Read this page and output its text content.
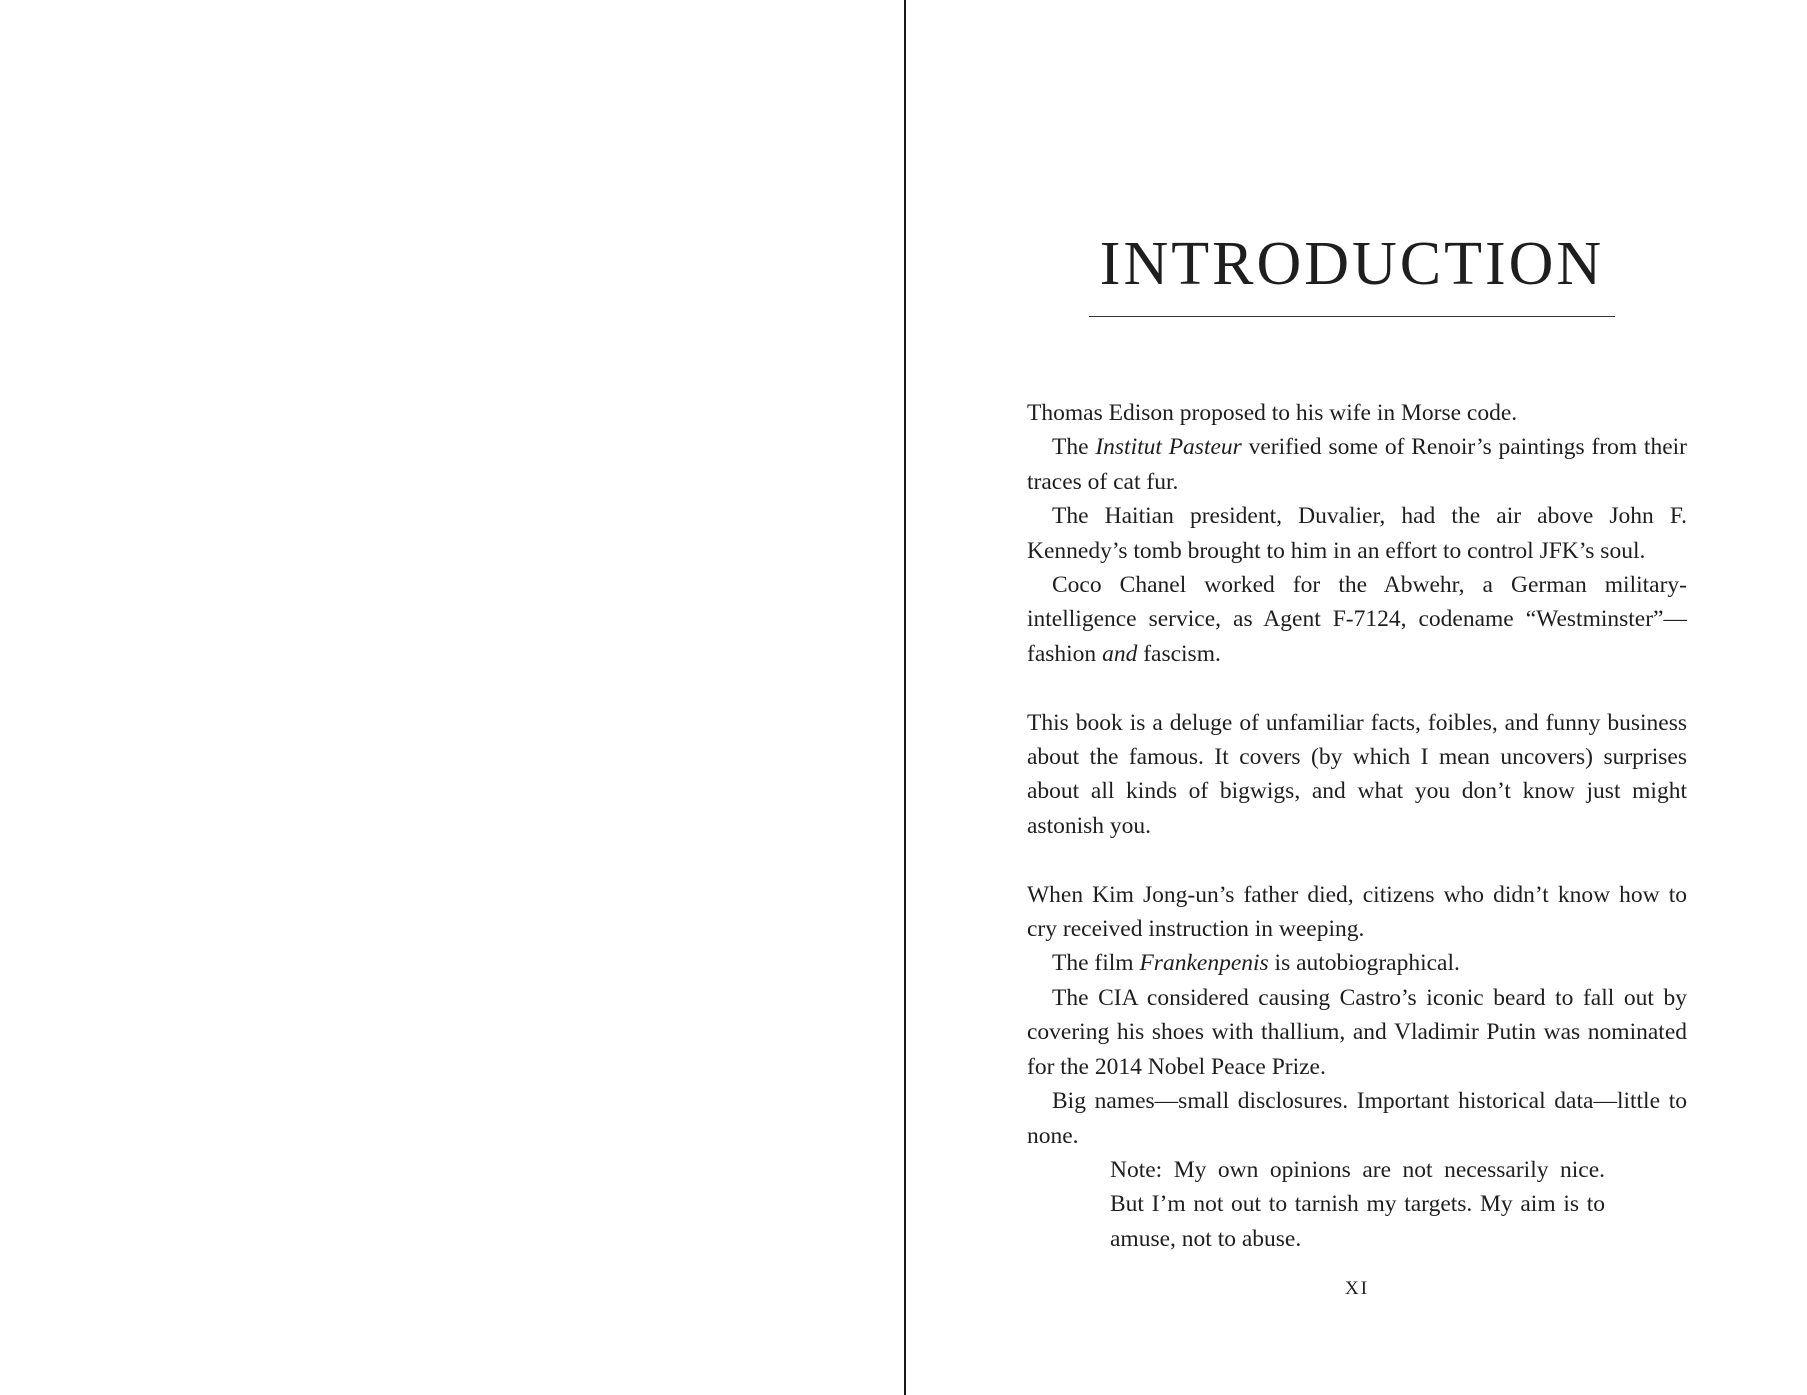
INTRODUCTION

Thomas Edison proposed to his wife in Morse code.

The Institut Pasteur verified some of Renoir’s paintings from their traces of cat fur.

The Haitian president, Duvalier, had the air above John F. Kennedy’s tomb brought to him in an effort to control JFK’s soul.

Coco Chanel worked for the Abwehr, a German military-intelligence service, as Agent F-7124, codename “Westminster”—fashion and fascism.

This book is a deluge of unfamiliar facts, foibles, and funny business about the famous. It covers (by which I mean uncovers) surprises about all kinds of bigwigs, and what you don’t know just might astonish you.

When Kim Jong-un’s father died, citizens who didn’t know how to cry received instruction in weeping.

The film Frankenpenis is autobiographical.

The CIA considered causing Castro’s iconic beard to fall out by covering his shoes with thallium, and Vladimir Putin was nominated for the 2014 Nobel Peace Prize.

Big names—small disclosures. Important historical data—little to none.

Note: My own opinions are not necessarily nice. But I’m not out to tarnish my targets. My aim is to amuse, not to abuse.
XI
